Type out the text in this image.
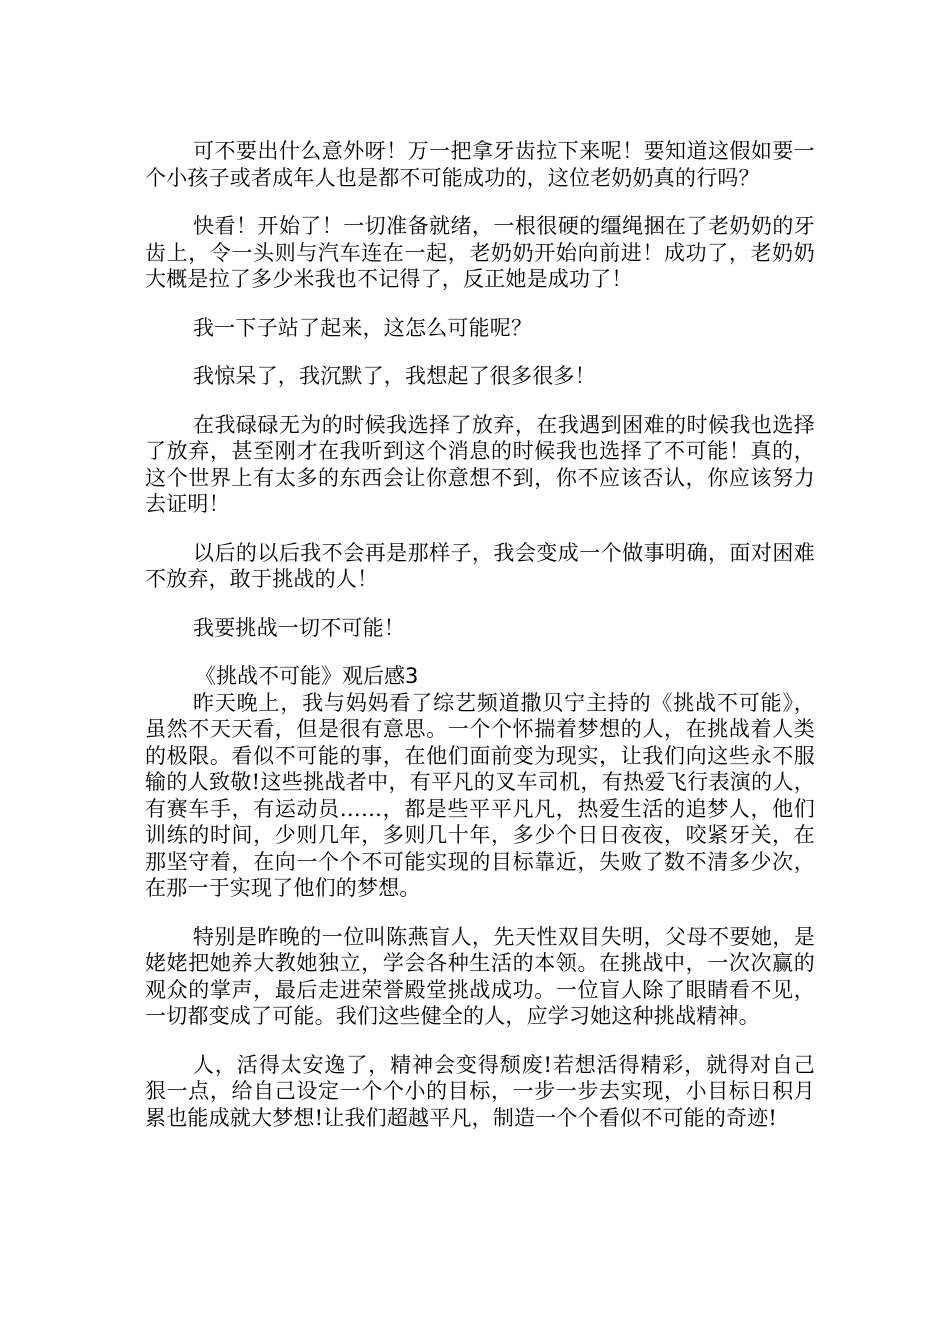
可不要出什么意外呀！万一把拿牙齿拉下来呢！要知道这假如要一个小孩子或者成年人也是都不可能成功的，这位老奶奶真的行吗？

快看！开始了！一切准备就绪，一根很硬的缰绳捆在了老奶奶的牙齿上，令一头则与汽车连在一起，老奶奶开始向前进！成功了，老奶奶大概是拉了多少米我也不记得了，反正她是成功了！

我一下子站了起来，这怎么可能呢？

我惊呆了，我沉默了，我想起了很多很多！

在我碌碌无为的时候我选择了放弃，在我遇到困难的时候我也选择了放弃，甚至刚才在我听到这个消息的时候我也选择了不可能！真的，这个世界上有太多的东西会让你意想不到，你不应该否认，你应该努力去证明！

以后的以后我不会再是那样子，我会变成一个做事明确，面对困难不放弃，敢于挑战的人！

我要挑战一切不可能！

《挑战不可能》观后感3

昨天晚上，我与妈妈看了综艺频道撒贝宁主持的《挑战不可能》，虽然不天天看，但是很有意思。一个个怀揣着梦想的人，在挑战着人类的极限。看似不可能的事，在他们面前变为现实，让我们向这些永不服输的人致敬!这些挑战者中，有平凡的叉车司机，有热爱飞行表演的人，有赛车手，有运动员……，都是些平平凡凡，热爱生活的追梦人，他们训练的时间，少则几年，多则几十年，多少个日日夜夜，咬紧牙关，在那坚守着，在向一个个不可能实现的目标靠近，失败了数不清多少次，在那一于实现了他们的梦想。

特别是昨晚的一位叫陈燕盲人，先天性双目失明，父母不要她，是姥姥把她养大教她独立，学会各种生活的本领。在挑战中，一次次赢的观众的掌声，最后走进荣誉殿堂挑战成功。一位盲人除了眼睛看不见，一切都变成了可能。我们这些健全的人，应学习她这种挑战精神。

人，活得太安逸了，精神会变得颓废!若想活得精彩，就得对自己狠一点，给自己设定一个个小的目标，一步一步去实现，小目标日积月累也能成就大梦想!让我们超越平凡，制造一个个看似不可能的奇迹!
